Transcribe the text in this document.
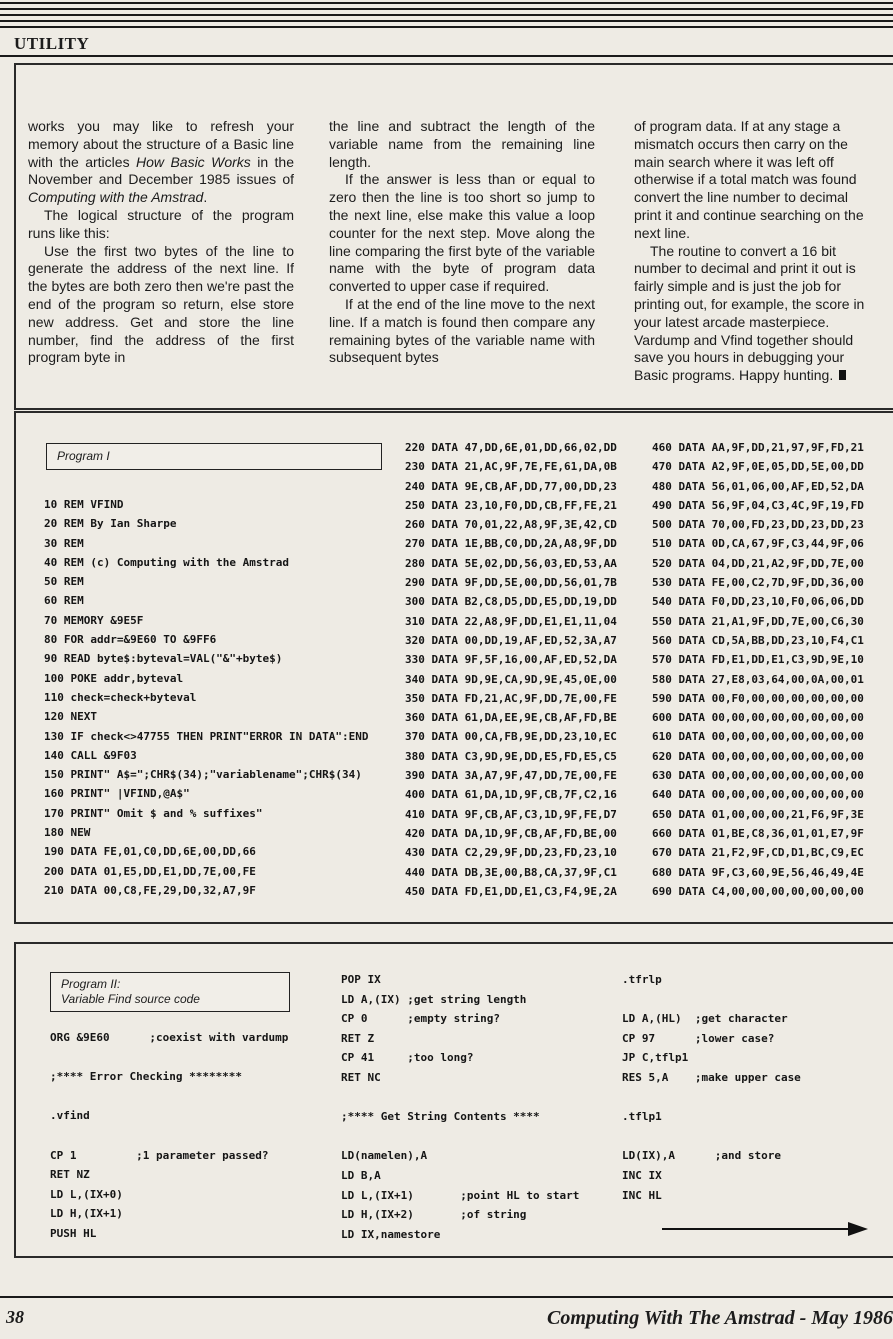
UTILITY

works you may like to refresh your memory about the structure of a Basic line with the articles How Basic Works in the November and December 1985 issues of Computing with the Amstrad.

The logical structure of the program runs like this:

Use the first two bytes of the line to generate the address of the next line. If the bytes are both zero then we're past the end of the program so return, else store new address. Get and store the line number, find the address of the first program byte in

the line and subtract the length of the variable name from the remaining line length.

If the answer is less than or equal to zero then the line is too short so jump to the next line, else make this value a loop counter for the next step. Move along the line comparing the first byte of the variable name with the byte of program data converted to upper case if required.

If at the end of the line move to the next line. If a match is found then compare any remaining bytes of the variable name with subsequent bytes

of program data. If at any stage a
mismatch occurs then carry on the
main search where it was left off
otherwise if a total match was found
convert the line number to decimal
print it and continue searching on the
next line.

The routine to convert a 16 bit
number to decimal and print it out is
fairly simple and is just the job for
printing out, for example, the score in
your latest arcade masterpiece.
Vardump and Vfind together should
save you hours in debugging your
Basic programs. Happy hunting.

Program I
10 REM VFIND
20 REM By Ian Sharpe
30 REM
40 REM (c) Computing with the Amstrad
50 REM
60 REM
70 MEMORY &9E5F
80 FOR addr=&9E60 TO &9FF6
90 READ byte$:byteval=VAL("&"+byte$)
100 POKE addr,byteval
110 check=check+byteval
120 NEXT
130 IF check<>47755 THEN PRINT"ERROR IN DATA":END
140 CALL &9F03
150 PRINT" A$=";CHR$(34);"variablename";CHR$(34)
160 PRINT" |VFIND,@A$"
170 PRINT" Omit $ and % suffixes"
180 NEW
190 DATA FE,01,C0,DD,6E,00,DD,66
200 DATA 01,E5,DD,E1,DD,7E,00,FE
210 DATA 00,C8,FE,29,D0,32,A7,9F
220 DATA 47,DD,6E,01,DD,66,02,DD
230 DATA 21,AC,9F,7E,FE,61,DA,0B
240 DATA 9E,CB,AF,DD,77,00,DD,23
250 DATA 23,10,F0,DD,CB,FF,FE,21
260 DATA 70,01,22,A8,9F,3E,42,CD
270 DATA 1E,BB,C0,DD,2A,A8,9F,DD
280 DATA 5E,02,DD,56,03,ED,53,AA
290 DATA 9F,DD,5E,00,DD,56,01,7B
300 DATA B2,C8,D5,DD,E5,DD,19,DD
310 DATA 22,A8,9F,DD,E1,E1,11,04
320 DATA 00,DD,19,AF,ED,52,3A,A7
330 DATA 9F,5F,16,00,AF,ED,52,DA
340 DATA 9D,9E,CA,9D,9E,45,0E,00
350 DATA FD,21,AC,9F,DD,7E,00,FE
360 DATA 61,DA,EE,9E,CB,AF,FD,BE
370 DATA 00,CA,FB,9E,DD,23,10,EC
380 DATA C3,9D,9E,DD,E5,FD,E5,C5
390 DATA 3A,A7,9F,47,DD,7E,00,FE
400 DATA 61,DA,1D,9F,CB,7F,C2,16
410 DATA 9F,CB,AF,C3,1D,9F,FE,D7
420 DATA DA,1D,9F,CB,AF,FD,BE,00
430 DATA C2,29,9F,DD,23,FD,23,10
440 DATA DB,3E,00,B8,CA,37,9F,C1
450 DATA FD,E1,DD,E1,C3,F4,9E,2A
460 DATA AA,9F,DD,21,97,9F,FD,21
470 DATA A2,9F,0E,05,DD,5E,00,DD
480 DATA 56,01,06,00,AF,ED,52,DA
490 DATA 56,9F,04,C3,4C,9F,19,FD
500 DATA 70,00,FD,23,DD,23,DD,23
510 DATA 0D,CA,67,9F,C3,44,9F,06
520 DATA 04,DD,21,A2,9F,DD,7E,00
530 DATA FE,00,C2,7D,9F,DD,36,00
540 DATA F0,DD,23,10,F0,06,06,DD
550 DATA 21,A1,9F,DD,7E,00,C6,30
560 DATA CD,5A,BB,DD,23,10,F4,C1
570 DATA FD,E1,DD,E1,C3,9D,9E,10
580 DATA 27,E8,03,64,00,0A,00,01
590 DATA 00,F0,00,00,00,00,00,00
600 DATA 00,00,00,00,00,00,00,00
610 DATA 00,00,00,00,00,00,00,00
620 DATA 00,00,00,00,00,00,00,00
630 DATA 00,00,00,00,00,00,00,00
640 DATA 00,00,00,00,00,00,00,00
650 DATA 01,00,00,00,21,F6,9F,3E
660 DATA 01,BE,C8,36,01,01,E7,9F
670 DATA 21,F2,9F,CD,D1,BC,C9,EC
680 DATA 9F,C3,60,9E,56,46,49,4E
690 DATA C4,00,00,00,00,00,00,00
Program II:
Variable Find source code
ORG &9E60      ;coexist with vardump
;**** Error Checking ********
.vfind
CP 1         ;1 parameter passed?
RET NZ
LD L,(IX+0)
LD H,(IX+1)
PUSH HL
POP IX
LD A,(IX) ;get string length
CP 0      ;empty string?
RET Z
CP 41     ;too long?
RET NC
;**** Get String Contents ****
LD(namelen),A
LD B,A
LD L,(IX+1)       ;point HL to start
LD H,(IX+2)       ;of string
LD IX,namestore
.tfrlp
LD A,(HL)  ;get character
CP 97      ;lower case?
JP C,tflp1
RES 5,A    ;make upper case
.tflp1
LD(IX),A      ;and store
INC IX
INC HL
38	Computing With The Amstrad - May 1986
